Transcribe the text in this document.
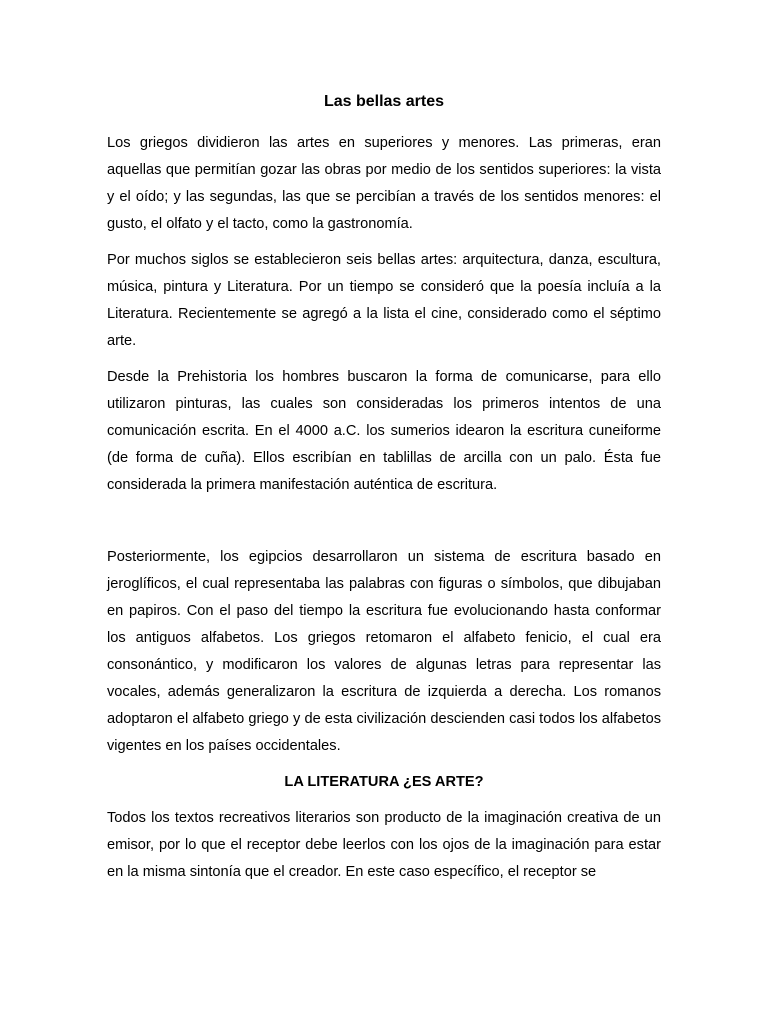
Las bellas artes

Los griegos dividieron las artes en superiores y menores. Las primeras, eran aquellas que permitían gozar las obras por medio de los sentidos superiores: la vista y el oído; y las segundas, las que se percibían a través de los sentidos menores: el gusto, el olfato y el tacto, como la gastronomía.

Por muchos siglos se establecieron seis bellas artes: arquitectura, danza, escultura, música, pintura y Literatura. Por un tiempo se consideró que la poesía incluía a la Literatura. Recientemente se agregó a la lista el cine, considerado como el séptimo arte.

Desde la Prehistoria los hombres buscaron la forma de comunicarse, para ello utilizaron pinturas, las cuales son consideradas los primeros intentos de una comunicación escrita. En el 4000 a.C. los sumerios idearon la escritura cuneiforme (de forma de cuña). Ellos escribían en tablillas de arcilla con un palo. Ésta fue considerada la primera manifestación auténtica de escritura.

Posteriormente, los egipcios desarrollaron un sistema de escritura basado en jeroglíficos, el cual representaba las palabras con figuras o símbolos, que dibujaban en papiros. Con el paso del tiempo la escritura fue evolucionando hasta conformar los antiguos alfabetos. Los griegos retomaron el alfabeto fenicio, el cual era consonántico, y modificaron los valores de algunas letras para representar las vocales, además generalizaron la escritura de izquierda a derecha. Los romanos adoptaron el alfabeto griego y de esta civilización descienden casi todos los alfabetos vigentes en los países occidentales.

LA LITERATURA ¿ES ARTE?

Todos los textos recreativos literarios son producto de la imaginación creativa de un emisor, por lo que el receptor debe leerlos con los ojos de la imaginación para estar en la misma sintonía que el creador. En este caso específico, el receptor se
